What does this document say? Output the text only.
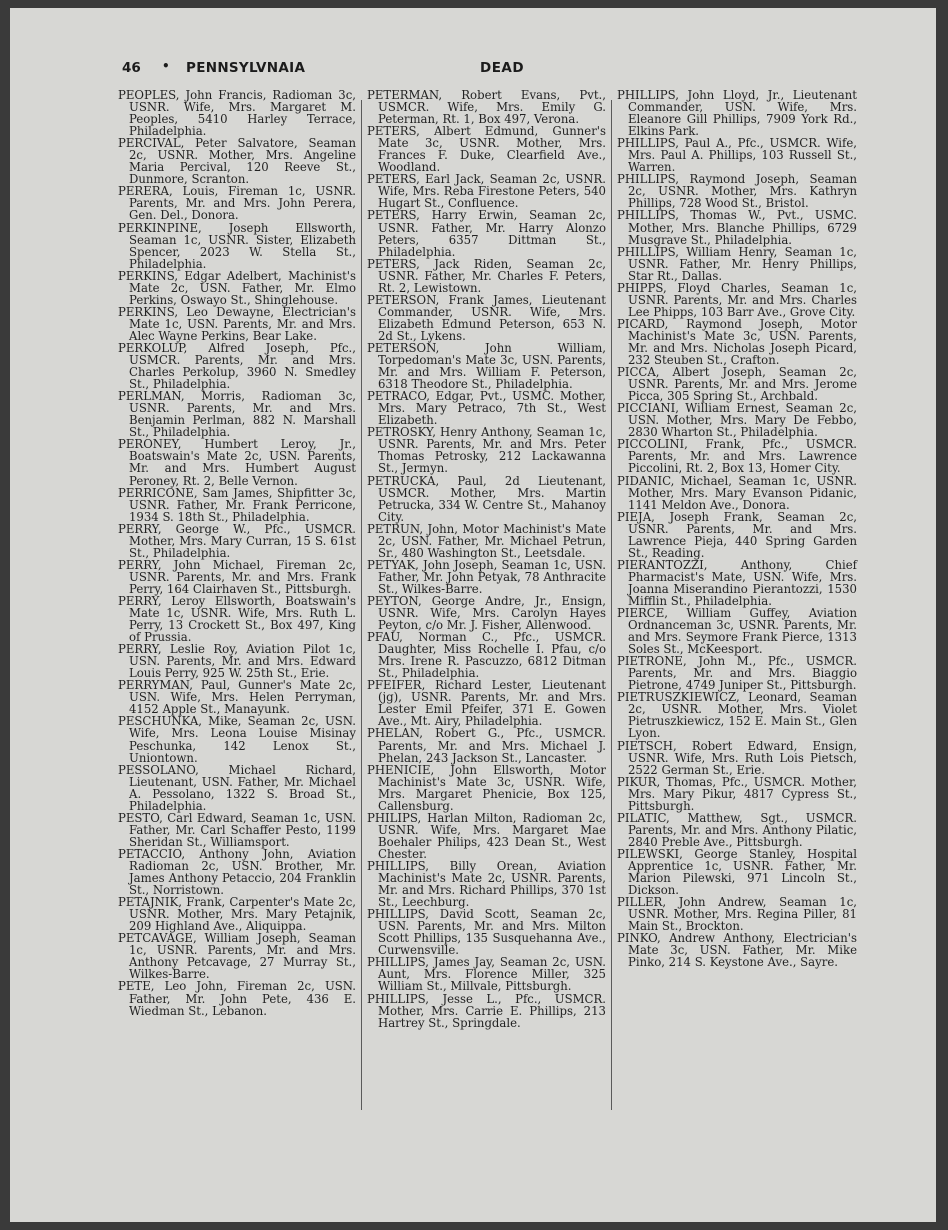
46 • PENNSYLVNAIA	DEAD

PEOPLES, John Francis, Radioman 3c, USNR. Wife, Mrs. Margaret M. Peoples, 5410 Harley Terrace, Philadelphia.

PERCIVAL, Peter Salvatore, Seaman 2c, USNR. Mother, Mrs. Angeline Maria Percival, 120 Reeve St., Dunmore, Scranton.

PERERA, Louis, Fireman 1c, USNR. Parents, Mr. and Mrs. John Perera, Gen. Del., Donora.

PERKINPINE, Joseph Ellsworth, Seaman 1c, USNR. Sister, Elizabeth Spencer, 2023 W. Stella St., Philadelphia.

PERKINS, Edgar Adelbert, Machinist's Mate 2c, USN. Father, Mr. Elmo Perkins, Oswayo St., Shinglehouse.

PERKINS, Leo Dewayne, Electrician's Mate 1c, USN. Parents, Mr. and Mrs. Alec Wayne Perkins, Bear Lake.

PERKOLUP, Alfred Joseph, Pfc., USMCR. Parents, Mr. and Mrs. Charles Perkolup, 3960 N. Smedley St., Philadelphia.

PERLMAN, Morris, Radioman 3c, USNR. Parents, Mr. and Mrs. Benjamin Perlman, 882 N. Marshall St., Philadelphia.

PERONEY, Humbert Leroy, Jr., Boatswain's Mate 2c, USN. Parents, Mr. and Mrs. Humbert August Peroney, Rt. 2, Belle Vernon.

PERRICONE, Sam James, Shipfitter 3c, USNR. Father, Mr. Frank Perricone, 1934 S. 18th St., Philadelphia.

PERRY, George W., Pfc., USMCR. Mother, Mrs. Mary Curran, 15 S. 61st St., Philadelphia.

PERRY, John Michael, Fireman 2c, USNR. Parents, Mr. and Mrs. Frank Perry, 164 Clairhaven St., Pittsburgh.

PERRY, Leroy Ellsworth, Boatswain's Mate 1c, USNR. Wife, Mrs. Ruth L. Perry, 13 Crockett St., Box 497, King of Prussia.

PERRY, Leslie Roy, Aviation Pilot 1c, USN. Parents, Mr. and Mrs. Edward Louis Perry, 925 W. 25th St., Erie.

PERRYMAN, Paul, Gunner's Mate 2c, USN. Wife, Mrs. Helen Perryman, 4152 Apple St., Manayunk.

PESCHUNKA, Mike, Seaman 2c, USN. Wife, Mrs. Leona Louise Misinay Peschunka, 142 Lenox St., Uniontown.

PESSOLANO, Michael Richard, Lieutenant, USN. Father, Mr. Michael A. Pessolano, 1322 S. Broad St., Philadelphia.

PESTO, Carl Edward, Seaman 1c, USN. Father, Mr. Carl Schaffer Pesto, 1199 Sheridan St., Williamsport.

PETACCIO, Anthony John, Aviation Radioman 2c, USN. Brother, Mr. James Anthony Petaccio, 204 Franklin St., Norristown.

PETAJNIK, Frank, Carpenter's Mate 2c, USNR. Mother, Mrs. Mary Petajnik, 209 Highland Ave., Aliquippa.

PETCAVAGE, William Joseph, Seaman 1c, USNR. Parents, Mr. and Mrs. Anthony Petcavage, 27 Murray St., Wilkes-Barre.

PETE, Leo John, Fireman 2c, USN. Father, Mr. John Pete, 436 E. Wiedman St., Lebanon.

PETERMAN, Robert Evans, Pvt., USMCR. Wife, Mrs. Emily G. Peterman, Rt. 1, Box 497, Verona.

PETERS, Albert Edmund, Gunner's Mate 3c, USNR. Mother, Mrs. Frances F. Duke, Clearfield Ave., Woodland.

PETERS, Earl Jack, Seaman 2c, USNR. Wife, Mrs. Reba Firestone Peters, 540 Hugart St., Confluence.

PETERS, Harry Erwin, Seaman 2c, USNR. Father, Mr. Harry Alonzo Peters, 6357 Dittman St., Philadelphia.

PETERS, Jack Riden, Seaman 2c, USNR. Father, Mr. Charles F. Peters, Rt. 2, Lewistown.

PETERSON, Frank James, Lieutenant Commander, USNR. Wife, Mrs. Elizabeth Edmund Peterson, 653 N. 2d St., Lykens.

PETERSON, John William, Torpedoman's Mate 3c, USN. Parents, Mr. and Mrs. William F. Peterson, 6318 Theodore St., Philadelphia.

PETRACO, Edgar, Pvt., USMC. Mother, Mrs. Mary Petraco, 7th St., West Elizabeth.

PETROSKY, Henry Anthony, Seaman 1c, USNR. Parents, Mr. and Mrs. Peter Thomas Petrosky, 212 Lackawanna St., Jermyn.

PETRUCKA, Paul, 2d Lieutenant, USMCR. Mother, Mrs. Martin Petrucka, 334 W. Centre St., Mahanoy City.

PETRUN, John, Motor Machinist's Mate 2c, USN. Father, Mr. Michael Petrun, Sr., 480 Washington St., Leetsdale.

PETYAK, John Joseph, Seaman 1c, USN. Father, Mr. John Petyak, 78 Anthracite St., Wilkes-Barre.

PEYTON, George Andre, Jr., Ensign, USNR. Wife, Mrs. Carolyn Hayes Peyton, c/o Mr. J. Fisher, Allenwood.

PFAU, Norman C., Pfc., USMCR. Daughter, Miss Rochelle I. Pfau, c/o Mrs. Irene R. Pascuzzo, 6812 Ditman St., Philadelphia.

PFEIFER, Richard Lester, Lieutenant (jg), USNR. Parents, Mr. and Mrs. Lester Emil Pfeifer, 371 E. Gowen Ave., Mt. Airy, Philadelphia.

PHELAN, Robert G., Pfc., USMCR. Parents, Mr. and Mrs. Michael J. Phelan, 243 Jackson St., Lancaster.

PHENICIE, John Ellsworth, Motor Machinist's Mate 3c, USNR. Wife, Mrs. Margaret Phenicie, Box 125, Callensburg.

PHILIPS, Harlan Milton, Radioman 2c, USNR. Wife, Mrs. Margaret Mae Boehaler Philips, 423 Dean St., West Chester.

PHILLIPS, Billy Orean, Aviation Machinist's Mate 2c, USNR. Parents, Mr. and Mrs. Richard Phillips, 370 1st St., Leechburg.

PHILLIPS, David Scott, Seaman 2c, USN. Parents, Mr. and Mrs. Milton Scott Phillips, 135 Susquehanna Ave., Curwensville.

PHILLIPS, James Jay, Seaman 2c, USN. Aunt, Mrs. Florence Miller, 325 William St., Millvale, Pittsburgh.

PHILLIPS, Jesse L., Pfc., USMCR. Mother, Mrs. Carrie E. Phillips, 213 Hartrey St., Springdale.

PHILLIPS, John Lloyd, Jr., Lieutenant Commander, USN. Wife, Mrs. Eleanore Gill Phillips, 7909 York Rd., Elkins Park.

PHILLIPS, Paul A., Pfc., USMCR. Wife, Mrs. Paul A. Phillips, 103 Russell St., Warren.

PHILLIPS, Raymond Joseph, Seaman 2c, USNR. Mother, Mrs. Kathryn Phillips, 728 Wood St., Bristol.

PHILLIPS, Thomas W., Pvt., USMC. Mother, Mrs. Blanche Phillips, 6729 Musgrave St., Philadelphia.

PHILLIPS, William Henry, Seaman 1c, USNR. Father, Mr. Henry Phillips, Star Rt., Dallas.

PHIPPS, Floyd Charles, Seaman 1c, USNR. Parents, Mr. and Mrs. Charles Lee Phipps, 103 Barr Ave., Grove City.

PICARD, Raymond Joseph, Motor Machinist's Mate 3c, USN. Parents, Mr. and Mrs. Nicholas Joseph Picard, 232 Steuben St., Crafton.

PICCA, Albert Joseph, Seaman 2c, USNR. Parents, Mr. and Mrs. Jerome Picca, 305 Spring St., Archbald.

PICCIANI, William Ernest, Seaman 2c, USN. Mother, Mrs. Mary De Febbo, 2830 Wharton St., Philadelphia.

PICCOLINI, Frank, Pfc., USMCR. Parents, Mr. and Mrs. Lawrence Piccolini, Rt. 2, Box 13, Homer City.

PIDANIC, Michael, Seaman 1c, USNR. Mother, Mrs. Mary Evanson Pidanic, 1141 Meldon Ave., Donora.

PIEJA, Joseph Frank, Seaman 2c, USNR. Parents, Mr. and Mrs. Lawrence Pieja, 440 Spring Garden St., Reading.

PIERANTOZZI, Anthony, Chief Pharmacist's Mate, USN. Wife, Mrs. Joanna Miserandino Pierantozzi, 1530 Mifflin St., Philadelphia.

PIERCE, William Guffey, Aviation Ordnanceman 3c, USNR. Parents, Mr. and Mrs. Seymore Frank Pierce, 1313 Soles St., McKeesport.

PIETRONE, John M., Pfc., USMCR. Parents, Mr. and Mrs. Biaggio Pietrone, 4749 Juniper St., Pittsburgh.

PIETRUSZKIEWICZ, Leonard, Seaman 2c, USNR. Mother, Mrs. Violet Pietruszkiewicz, 152 E. Main St., Glen Lyon.

PIETSCH, Robert Edward, Ensign, USNR. Wife, Mrs. Ruth Lois Pietsch, 2522 German St., Erie.

PIKUR, Thomas, Pfc., USMCR. Mother, Mrs. Mary Pikur, 4817 Cypress St., Pittsburgh.

PILATIC, Matthew, Sgt., USMCR. Parents, Mr. and Mrs. Anthony Pilatic, 2840 Preble Ave., Pittsburgh.

PILEWSKI, George Stanley, Hospital Apprentice 1c, USNR. Father, Mr. Marion Pilewski, 971 Lincoln St., Dickson.

PILLER, John Andrew, Seaman 1c, USNR. Mother, Mrs. Regina Piller, 81 Main St., Brockton.

PINKO, Andrew Anthony, Electrician's Mate 3c, USN. Father, Mr. Mike Pinko, 214 S. Keystone Ave., Sayre.
